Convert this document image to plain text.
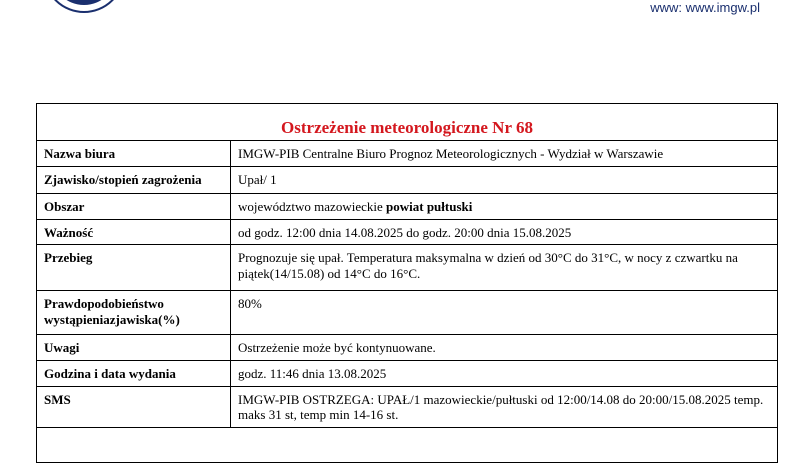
www: www.imgw.pl
Ostrzeżenie meteorologiczne Nr 68
Nazwa biura	IMGW-PIB Centralne Biuro Prognoz Meteorologicznych - Wydział w Warszawie
Zjawisko/stopień zagrożenia	Upał/ 1
Obszar	województwo mazowieckie powiat pułtuski
Ważność	od godz. 12:00 dnia 14.08.2025 do godz. 20:00 dnia 15.08.2025
Przebieg	Prognozuje się upał. Temperatura maksymalna w dzień od 30°C do 31°C, w nocy z czwartku na piątek(14/15.08) od 14°C do 16°C.
Prawdopodobieństwo wystąpieniazjawiska(%)	80%
Uwagi	Ostrzeżenie może być kontynuowane.
Godzina i data wydania	godz. 11:46 dnia 13.08.2025
SMS	IMGW-PIB OSTRZEGA: UPAŁ/1 mazowieckie/pułtuski od 12:00/14.08 do 20:00/15.08.2025 temp. maks 31 st, temp min 14-16 st.
